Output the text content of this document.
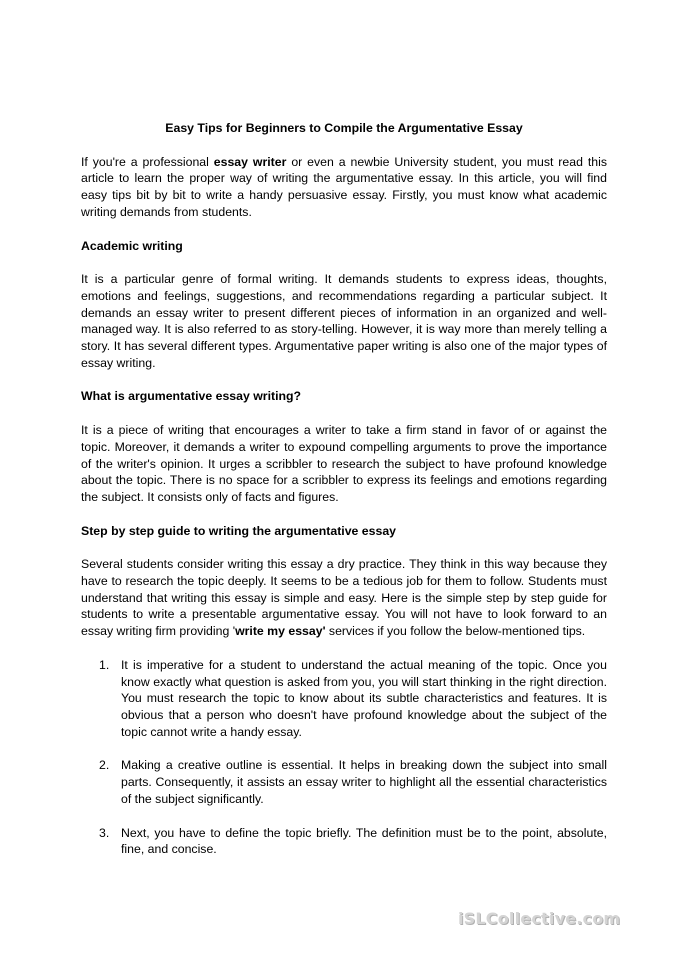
Easy Tips for Beginners to Compile the Argumentative Essay

If you're a professional essay writer or even a newbie University student, you must read this article to learn the proper way of writing the argumentative essay. In this article, you will find easy tips bit by bit to write a handy persuasive essay. Firstly, you must know what academic writing demands from students.

Academic writing

It is a particular genre of formal writing. It demands students to express ideas, thoughts, emotions and feelings, suggestions, and recommendations regarding a particular subject. It demands an essay writer to present different pieces of information in an organized and well-managed way. It is also referred to as story-telling. However, it is way more than merely telling a story. It has several different types. Argumentative paper writing is also one of the major types of essay writing.

What is argumentative essay writing?

It is a piece of writing that encourages a writer to take a firm stand in favor of or against the topic. Moreover, it demands a writer to expound compelling arguments to prove the importance of the writer's opinion. It urges a scribbler to research the subject to have profound knowledge about the topic. There is no space for a scribbler to express its feelings and emotions regarding the subject. It consists only of facts and figures.

Step by step guide to writing the argumentative essay

Several students consider writing this essay a dry practice. They think in this way because they have to research the topic deeply. It seems to be a tedious job for them to follow. Students must understand that writing this essay is simple and easy. Here is the simple step by step guide for students to write a presentable argumentative essay. You will not have to look forward to an essay writing firm providing 'write my essay' services if you follow the below-mentioned tips.

1. It is imperative for a student to understand the actual meaning of the topic. Once you know exactly what question is asked from you, you will start thinking in the right direction. You must research the topic to know about its subtle characteristics and features. It is obvious that a person who doesn't have profound knowledge about the subject of the topic cannot write a handy essay.
2. Making a creative outline is essential. It helps in breaking down the subject into small parts. Consequently, it assists an essay writer to highlight all the essential characteristics of the subject significantly.
3. Next, you have to define the topic briefly. The definition must be to the point, absolute, fine, and concise.
iSLCollective.com
